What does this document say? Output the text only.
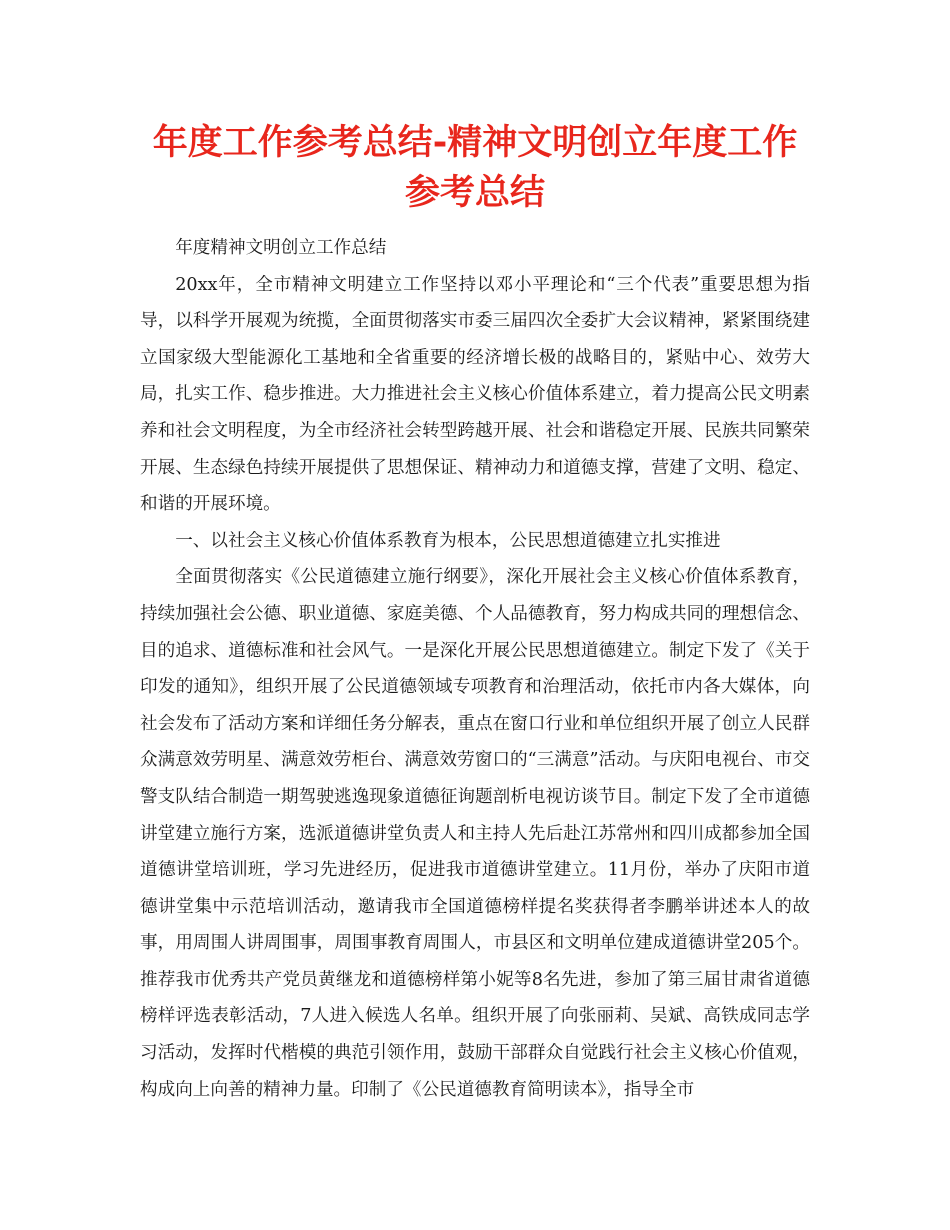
年度工作参考总结-精神文明创立年度工作参考总结

年度精神文明创立工作总结

20xx年，全市精神文明建立工作坚持以邓小平理论和“三个代表”重要思想为指导，以科学开展观为统揽，全面贯彻落实市委三届四次全委扩大会议精神，紧紧围绕建立国家级大型能源化工基地和全省重要的经济增长极的战略目的，紧贴中心、效劳大局，扎实工作、稳步推进。大力推进社会主义核心价值体系建立，着力提高公民文明素养和社会文明程度，为全市经济社会转型跨越开展、社会和谐稳定开展、民族共同繁荣开展、生态绿色持续开展提供了思想保证、精神动力和道德支撑，营建了文明、稳定、和谐的开展环境。

一、以社会主义核心价值体系教育为根本，公民思想道德建立扎实推进

全面贯彻落实《公民道德建立施行纲要》，深化开展社会主义核心价值体系教育，持续加强社会公德、职业道德、家庭美德、个人品德教育，努力构成共同的理想信念、目的追求、道德标准和社会风气。一是深化开展公民思想道德建立。制定下发了《关于印发的通知》，组织开展了公民道德领域专项教育和治理活动，依托市内各大媒体，向社会发布了活动方案和详细任务分解表，重点在窗口行业和单位组织开展了创立人民群众满意效劳明星、满意效劳柜台、满意效劳窗口的“三满意”活动。与庆阳电视台、市交警支队结合制造一期驾驶逃逸现象道德征询题剖析电视访谈节目。制定下发了全市道德讲堂建立施行方案，选派道德讲堂负责人和主持人先后赴江苏常州和四川成都参加全国道德讲堂培训班，学习先进经历，促进我市道德讲堂建立。11月份，举办了庆阳市道德讲堂集中示范培训活动，邀请我市全国道德榜样提名奖获得者李鹏举讲述本人的故事，用周围人讲周围事，周围事教育周围人，市县区和文明单位建成道德讲堂205个。推荐我市优秀共产党员黄继龙和道德榜样第小妮等8名先进，参加了第三届甘肃省道德榜样评选表彰活动，7人进入候选人名单。组织开展了向张丽莉、吴斌、高铁成同志学习活动，发挥时代楷模的典范引领作用，鼓励干部群众自觉践行社会主义核心价值观，构成向上向善的精神力量。印制了《公民道德教育简明读本》，指导全市
